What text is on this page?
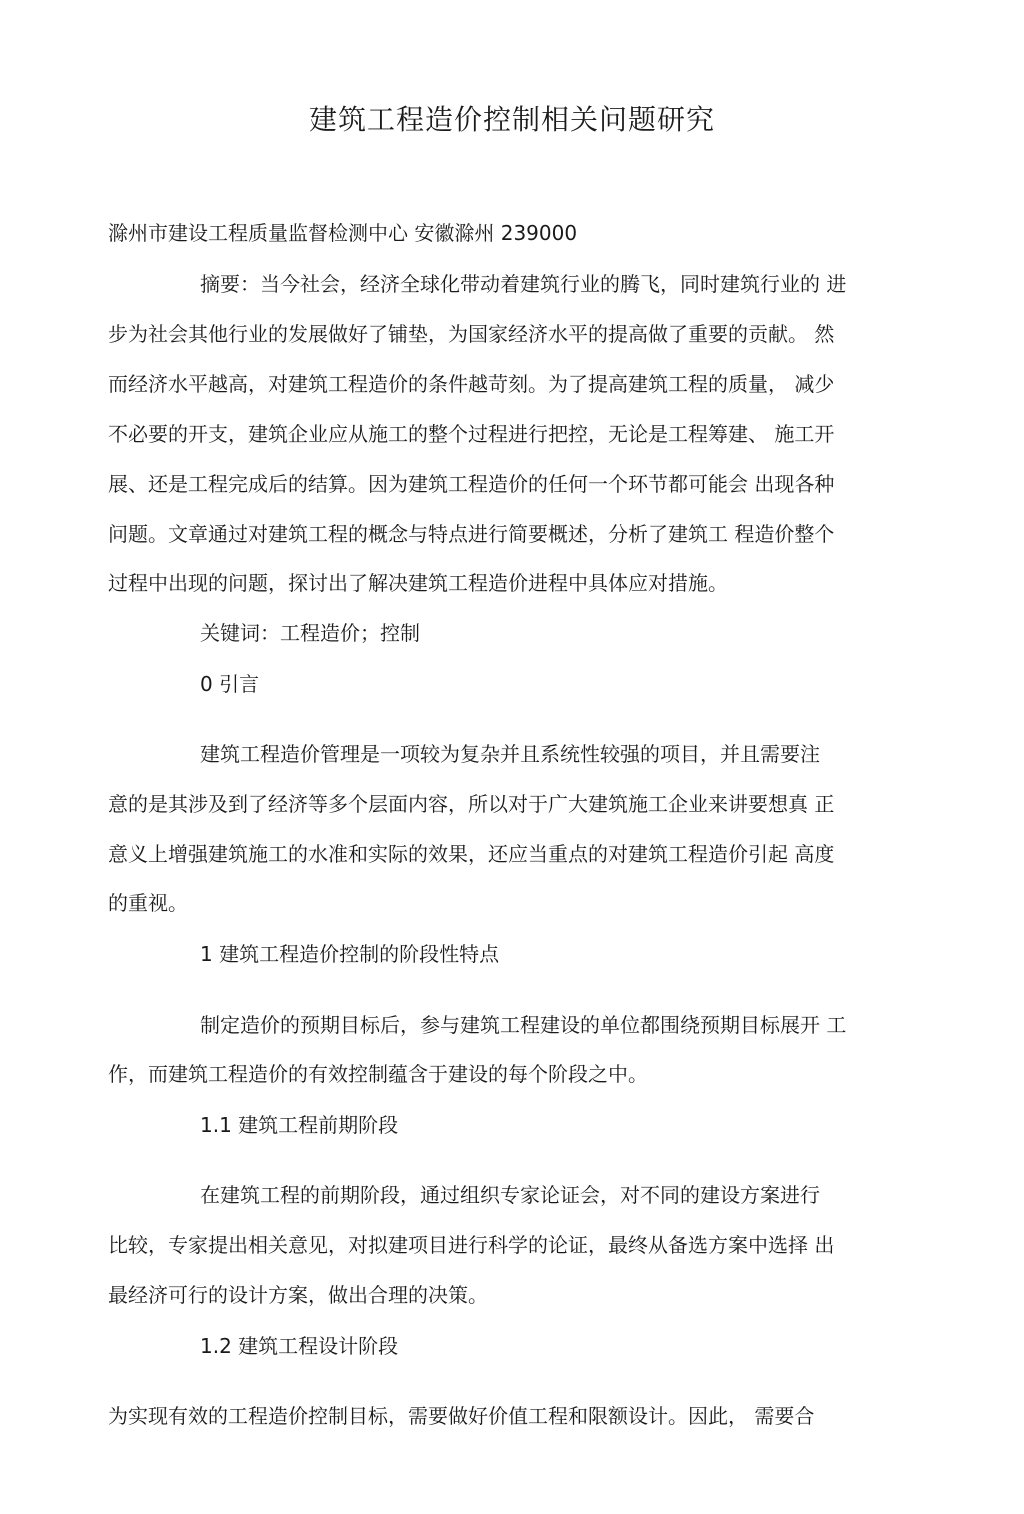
建筑工程造价控制相关问题研究

滁州市建设工程质量监督检测中心 安徽滁州 239000

摘要：当今社会，经济全球化带动着建筑行业的腾飞，同时建筑行业的 进

步为社会其他行业的发展做好了铺垫，为国家经济水平的提高做了重要的贡献。 然

而经济水平越高，对建筑工程造价的条件越苛刻。为了提高建筑工程的质量， 减少

不必要的开支，建筑企业应从施工的整个过程进行把控，无论是工程筹建、 施工开

展、还是工程完成后的结算。因为建筑工程造价的任何一个环节都可能会 出现各种

问题。文章通过对建筑工程的概念与特点进行简要概述，分析了建筑工 程造价整个

过程中出现的问题，探讨出了解决建筑工程造价进程中具体应对措施。

关键词：工程造价；控制

0 引言

建筑工程造价管理是一项较为复杂并且系统性较强的项目，并且需要注

意的是其涉及到了经济等多个层面内容，所以对于广大建筑施工企业来讲要想真 正

意义上增强建筑施工的水准和实际的效果，还应当重点的对建筑工程造价引起 高度

的重视。

1 建筑工程造价控制的阶段性特点

制定造价的预期目标后，参与建筑工程建设的单位都围绕预期目标展开 工

作，而建筑工程造价的有效控制蕴含于建设的每个阶段之中。

1.1 建筑工程前期阶段

在建筑工程的前期阶段，通过组织专家论证会，对不同的建设方案进行

比较，专家提出相关意见，对拟建项目进行科学的论证，最终从备选方案中选择 出

最经济可行的设计方案，做出合理的决策。

1.2 建筑工程设计阶段

为实现有效的工程造价控制目标，需要做好价值工程和限额设计。因此， 需要合
